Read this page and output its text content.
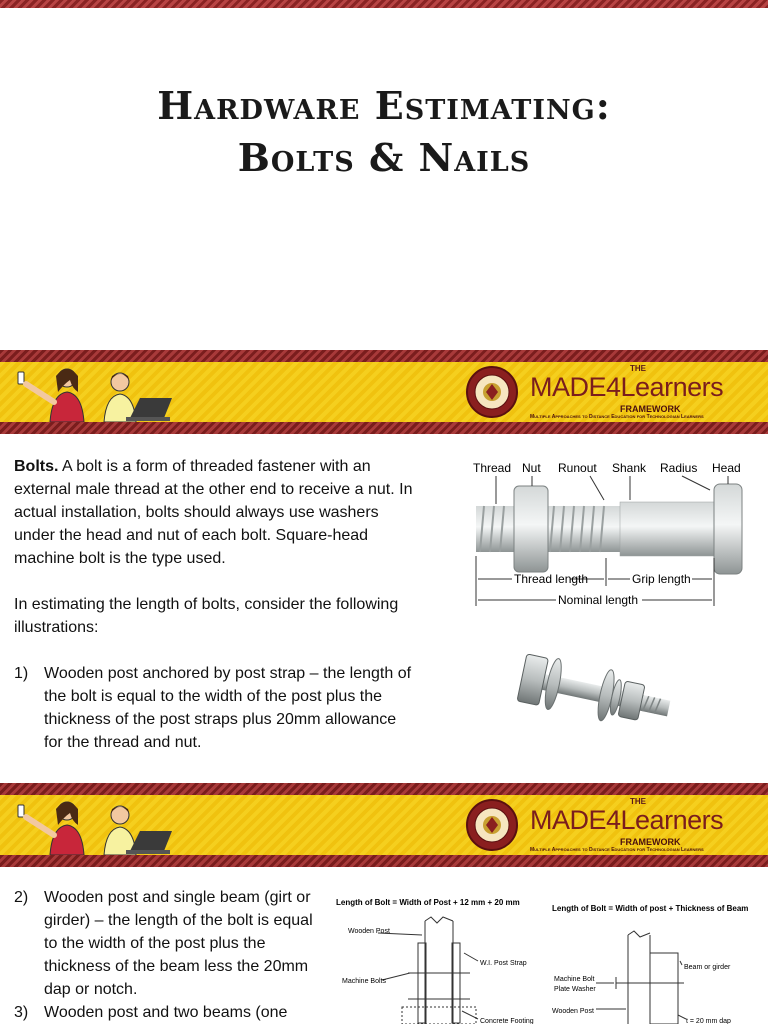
Hardware Estimating:
Bolts & Nails
THE
MADE4Learners
FRAMEWORK
Multiple Approaches to Distance Education for Technologian Learners

Bolts. A bolt is a form of threaded fastener with an external male thread at the other end to receive a nut. In actual installation, bolts should always use washers under the head and nut of each bolt. Square-head machine bolt is the type used.

In estimating the length of bolts, consider the following illustrations:

1) Wooden post anchored by post strap – the length of the bolt is equal to the width of the post plus the thickness of the post straps plus 20mm allowance for the thread and nut.
Thread Nut Runout Shank Radius Head
Thread length	Grip length
Nominal length
THE
MADE4Learners
FRAMEWORK
Multiple Approaches to Distance Education for Technologian Learners
2) Wooden post and single beam (girt or girder) – the length of the bolt is equal to the width of the post plus the thickness of the beam less the 20mm dap or notch.
3) Wooden post and two beams (one
Length of Bolt = Width of Post + 12 mm + 20 mm
Length of Bolt = Width of post + Thickness of Beam
Wooden Post
W.I. Post Strap
Machine Bolts
Concrete Footing
Machine Bolt
Plate Washer
Beam or girder
Wooden Post
t = 20 mm dap
